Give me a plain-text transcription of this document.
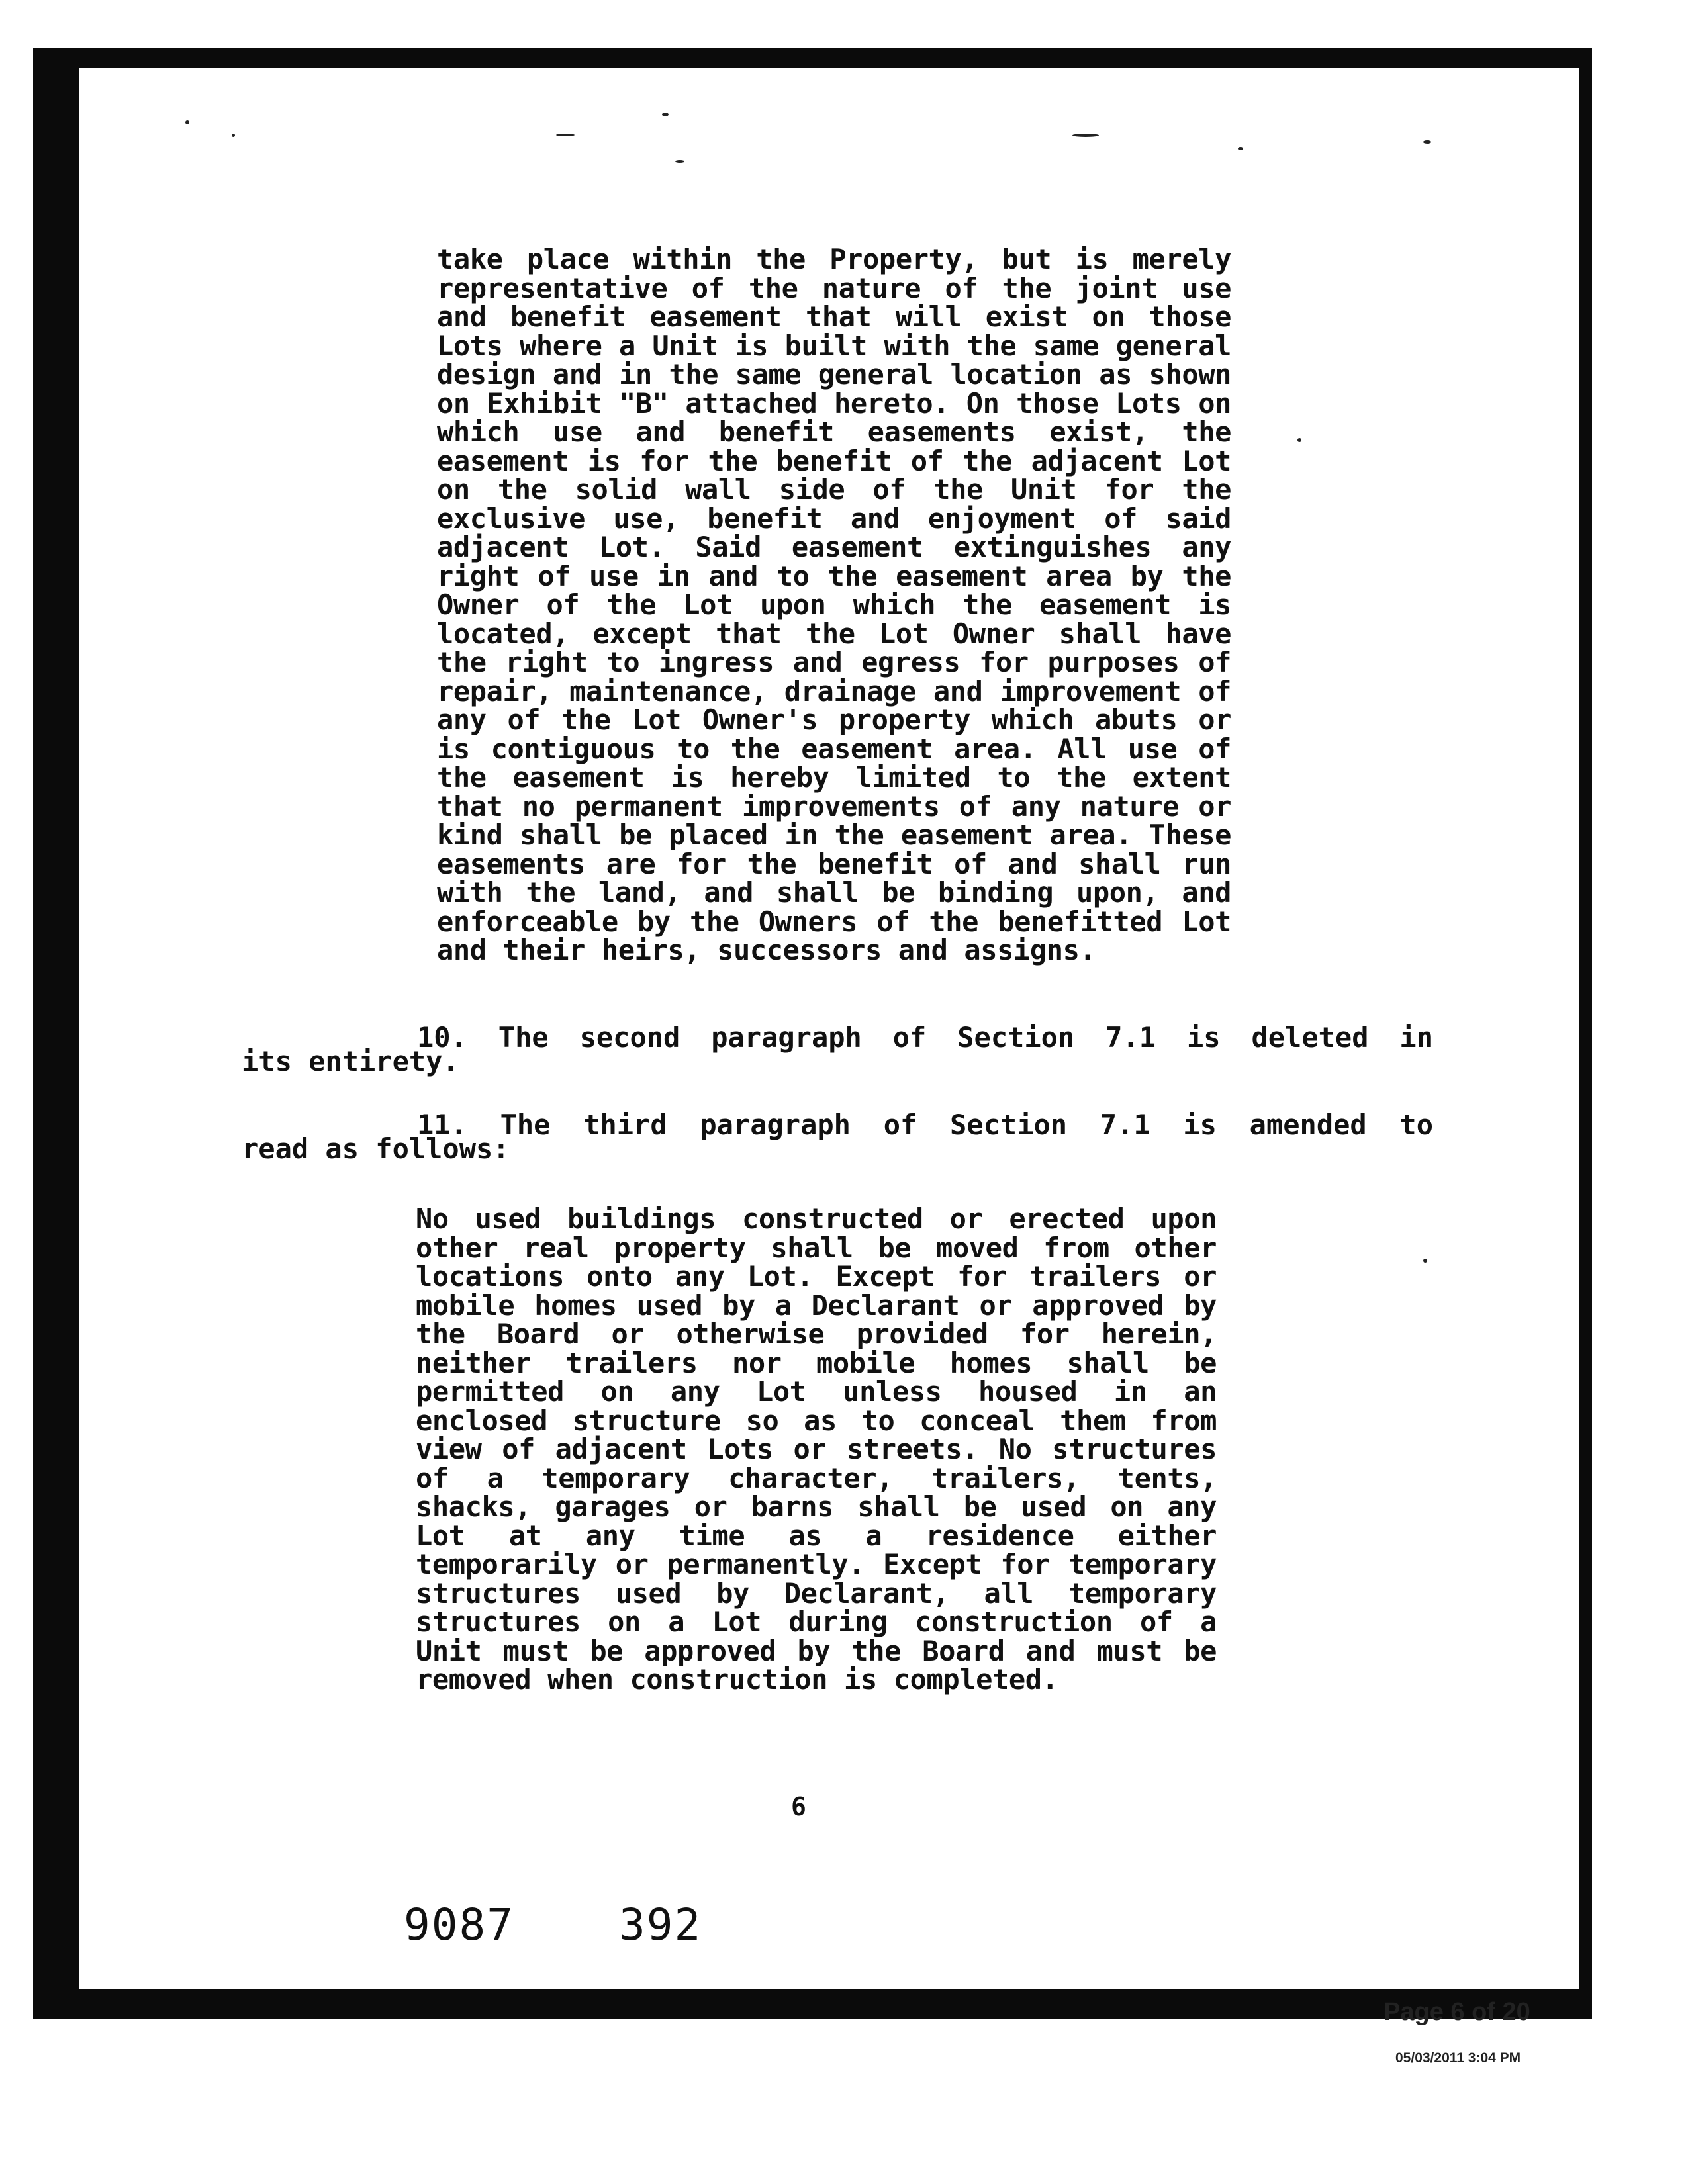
take place within the Property, but is merely representative of the nature of the joint use and benefit easement that will exist on those Lots where a Unit is built with the same general design and in the same general location as shown on Exhibit "B" attached hereto. On those Lots on which use and benefit easements exist, the easement is for the benefit of the adjacent Lot on the solid wall side of the Unit for the exclusive use, benefit and enjoyment of said adjacent Lot. Said easement extinguishes any right of use in and to the easement area by the Owner of the Lot upon which the easement is located, except that the Lot Owner shall have the right to ingress and egress for purposes of repair, maintenance, drainage and improvement of any of the Lot Owner's property which abuts or is contiguous to the easement area. All use of the easement is hereby limited to the extent that no permanent improvements of any nature or kind shall be placed in the easement area. These easements are for the benefit of and shall run with the land, and shall be binding upon, and enforceable by the Owners of the benefitted Lot and their heirs, successors and assigns.
10. The second paragraph of Section 7.1 is deleted in
its entirety.
11. The third paragraph of Section 7.1 is amended to
read as follows:
No used buildings constructed or erected upon other real property shall be moved from other locations onto any Lot. Except for trailers or mobile homes used by a Declarant or approved by the Board or otherwise provided for herein, neither trailers nor mobile homes shall be permitted on any Lot unless housed in an enclosed structure so as to conceal them from view of adjacent Lots or streets. No structures of a temporary character, trailers, tents, shacks, garages or barns shall be used on any Lot at any time as a residence either temporarily or permanently. Except for temporary structures used by Declarant, all temporary structures on a Lot during construction of a Unit must be approved by the Board and must be removed when construction is completed.
6
9087 392
Page 6 of 20
05/03/2011 3:04 PM
